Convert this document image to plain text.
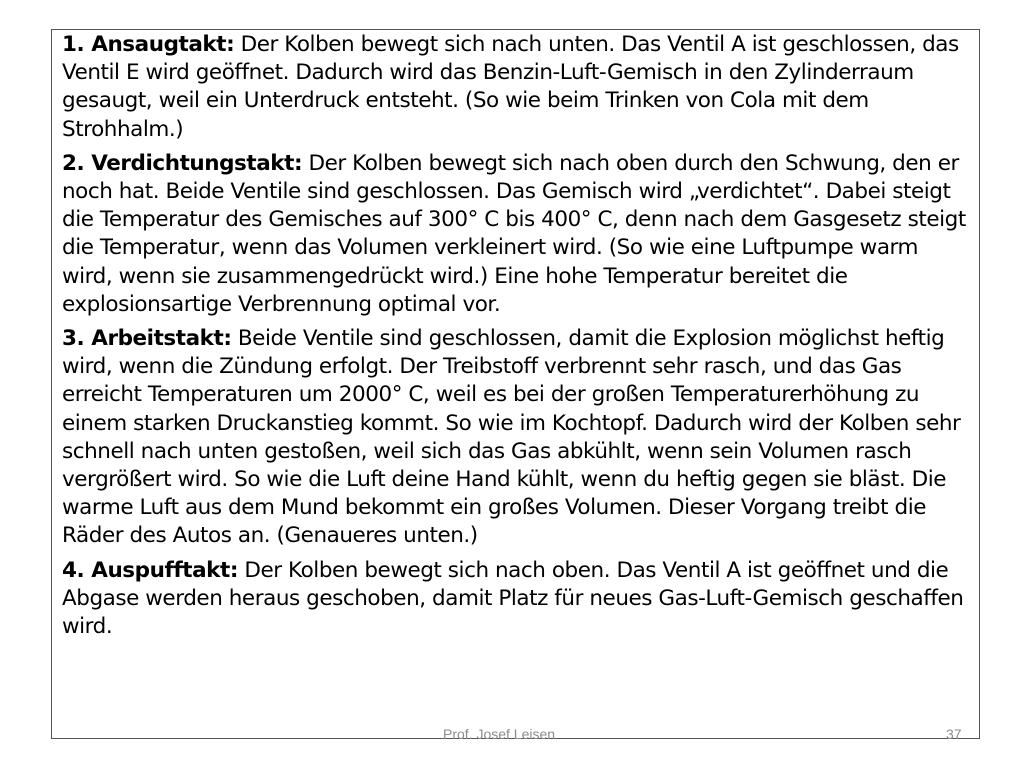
1. Ansaugtakt: Der Kolben bewegt sich nach unten. Das Ventil A ist geschlossen, das Ventil E wird geöffnet. Dadurch wird das Benzin-Luft-Gemisch in den Zylinderraum gesaugt, weil ein Unterdruck entsteht. (So wie beim Trinken von Cola mit dem Strohhalm.)

2. Verdichtungstakt: Der Kolben bewegt sich nach oben durch den Schwung, den er noch hat. Beide Ventile sind geschlossen. Das Gemisch wird „verdichtet“. Dabei steigt die Temperatur des Gemisches auf 300° C bis 400° C, denn nach dem Gasgesetz steigt die Temperatur, wenn das Volumen verkleinert wird. (So wie eine Luftpumpe warm wird, wenn sie zusammengedrückt wird.) Eine hohe Temperatur bereitet die explosionsartige Verbrennung optimal vor.

3. Arbeitstakt: Beide Ventile sind geschlossen, damit die Explosion möglichst heftig wird, wenn die Zündung erfolgt. Der Treibstoff verbrennt sehr rasch, und das Gas erreicht Temperaturen um 2000° C, weil es bei der großen Temperaturerhöhung zu einem starken Druckanstieg kommt. So wie im Kochtopf. Dadurch wird der Kolben sehr schnell nach unten gestoßen, weil sich das Gas abkühlt, wenn sein Volumen rasch vergrößert wird. So wie die Luft deine Hand kühlt, wenn du heftig gegen sie bläst. Die warme Luft aus dem Mund bekommt ein großes Volumen. Dieser Vorgang treibt die Räder des Autos an. (Genaueres unten.)

4. Auspufftakt: Der Kolben bewegt sich nach oben. Das Ventil A ist geöffnet und die Abgase werden heraus geschoben, damit Platz für neues Gas-Luft-Gemisch geschaffen wird.

Prof. Josef Leisen	37
